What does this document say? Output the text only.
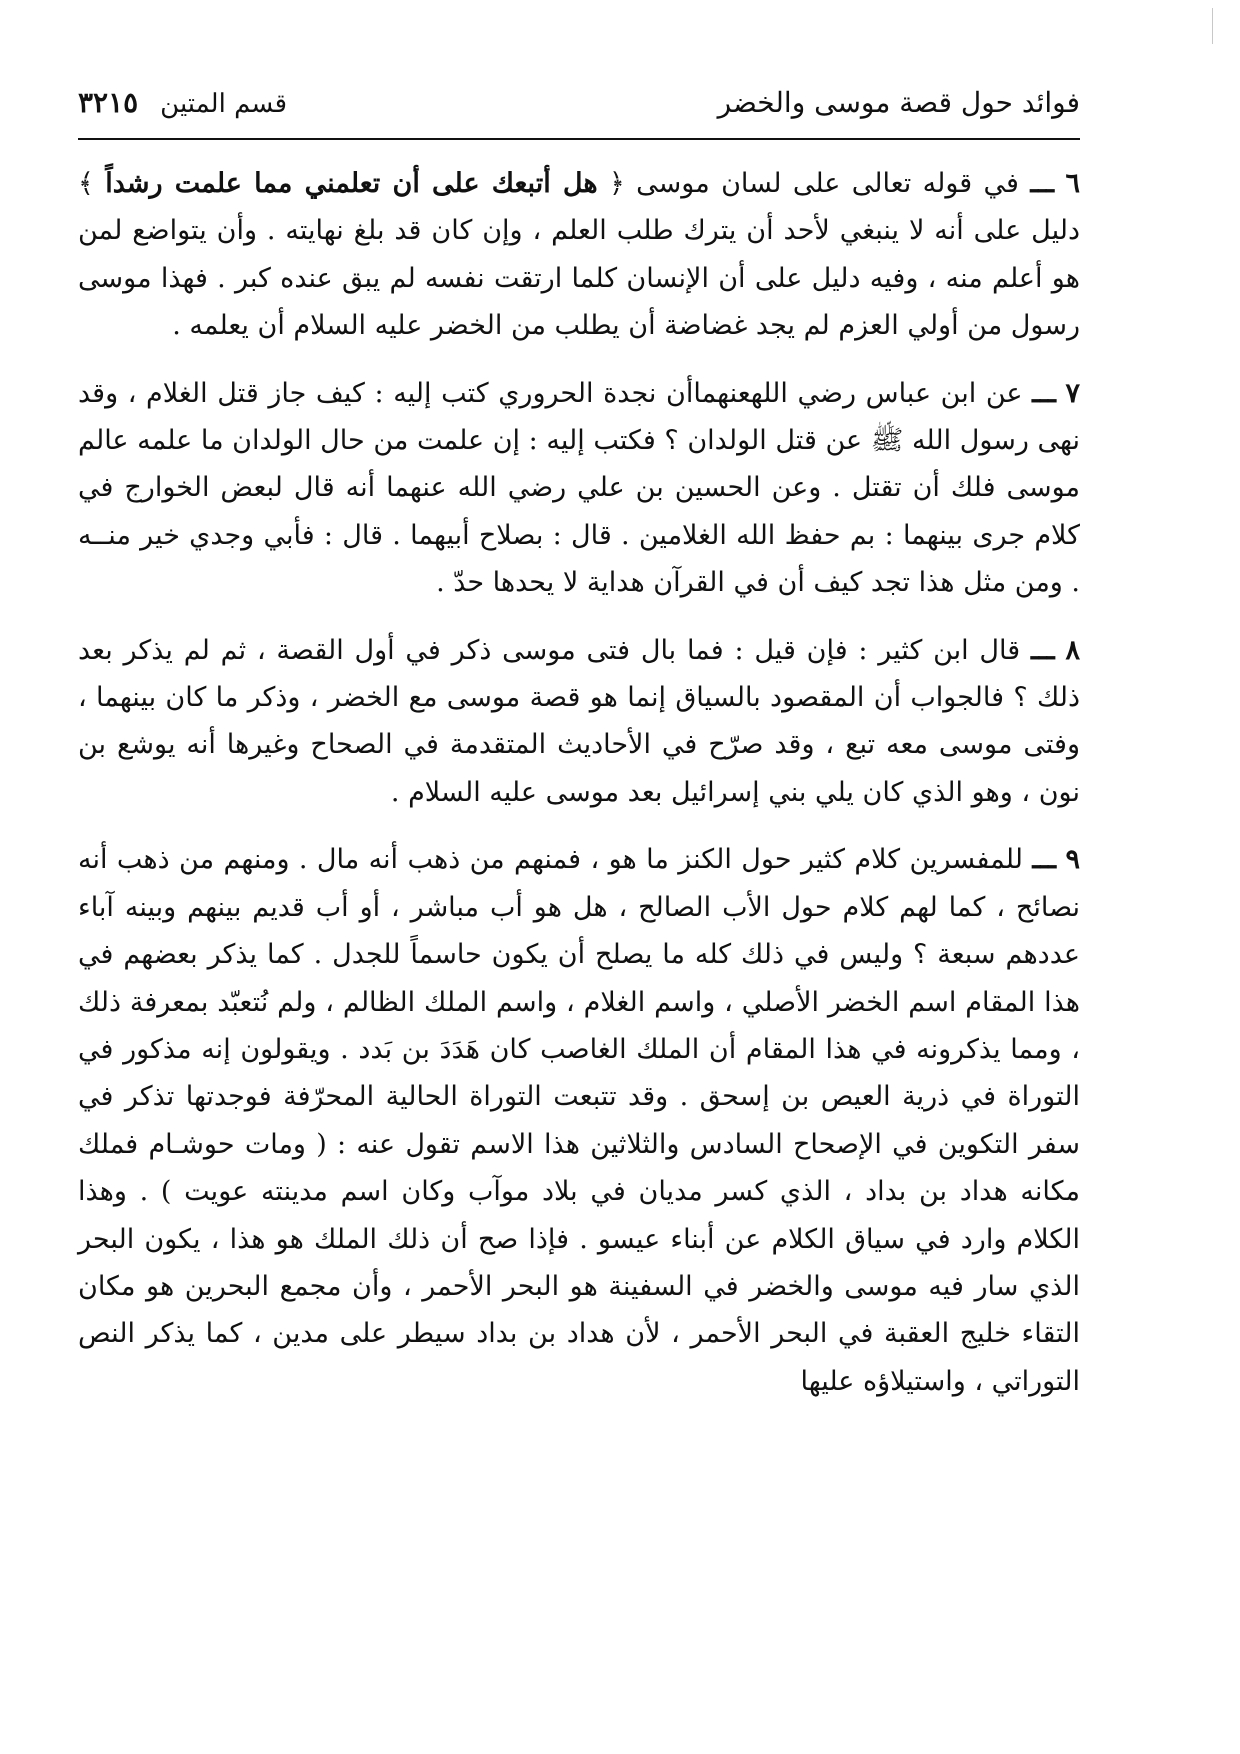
فوائد حول قصة موسى والخضر
قسم المتين
٣٢١٥

٦ ـــ في قوله تعالى على لسان موسى ﴿ هل أتبعك على أن تعلمني مما علمت رشداً ﴾ دليل على أنه لا ينبغي لأحد أن يترك طلب العلم ، وإن كان قد بلغ نهايته . وأن يتواضع لمن هو أعلم منه ، وفيه دليل على أن الإنسان كلما ارتقت نفسه لم يبق عنده كبر . فهذا موسى رسول من أولي العزم لم يجد غضاضة أن يطلب من الخضر عليه السلام أن يعلمه .

٧ ـــ عن ابن عباس رضي اللهعنهماأن نجدة الحروري كتب إليه : كيف جاز قتل الغلام ، وقد نهى رسول الله ﷺ عن قتل الولدان ؟ فكتب إليه : إن علمت من حال الولدان ما علمه عالم موسى فلك أن تقتل . وعن الحسين بن علي رضي الله عنهما أنه قال لبعض الخوارج في كلام جرى بينهما : بم حفظ الله الغلامين . قال : بصلاح أبيهما . قال : فأبي وجدي خير منــه . ومن مثل هذا تجد كيف أن في القرآن هداية لا يحدها حدّ .

٨ ـــ قال ابن كثير : فإن قيل : فما بال فتى موسى ذكر في أول القصة ، ثم لم يذكر بعد ذلك ؟ فالجواب أن المقصود بالسياق إنما هو قصة موسى مع الخضر ، وذكر ما كان بينهما ، وفتى موسى معه تبع ، وقد صرّح في الأحاديث المتقدمة في الصحاح وغيرها أنه يوشع بن نون ، وهو الذي كان يلي بني إسرائيل بعد موسى عليه السلام .

٩ ـــ للمفسرين كلام كثير حول الكنز ما هو ، فمنهم من ذهب أنه مال . ومنهم من ذهب أنه نصائح ، كما لهم كلام حول الأب الصالح ، هل هو أب مباشر ، أو أب قديم بينهم وبينه آباء عددهم سبعة ؟ وليس في ذلك كله ما يصلح أن يكون حاسماً للجدل . كما يذكر بعضهم في هذا المقام اسم الخضر الأصلي ، واسم الغلام ، واسم الملك الظالم ، ولم نُتعبّد بمعرفة ذلك ، ومما يذكرونه في هذا المقام أن الملك الغاصب كان هَدَدَ بن بَدد . ويقولون إنه مذكور في التوراة في ذرية العيص بن إسحق . وقد تتبعت التوراة الحالية المحرّفة فوجدتها تذكر في سفر التكوين في الإصحاح السادس والثلاثين هذا الاسم تقول عنه : ( ومات حوشـام فملك مكانه هداد بن بداد ، الذي كسر مديان في بلاد موآب وكان اسم مدينته عويت ) . وهذا الكلام وارد في سياق الكلام عن أبناء عيسو . فإذا صح أن ذلك الملك هو هذا ، يكون البحر الذي سار فيه موسى والخضر في السفينة هو البحر الأحمر ، وأن مجمع البحرين هو مكان التقاء خليج العقبة في البحر الأحمر ، لأن هداد بن بداد سيطر على مدين ، كما يذكر النص التوراتي ، واستيلاؤه عليها
